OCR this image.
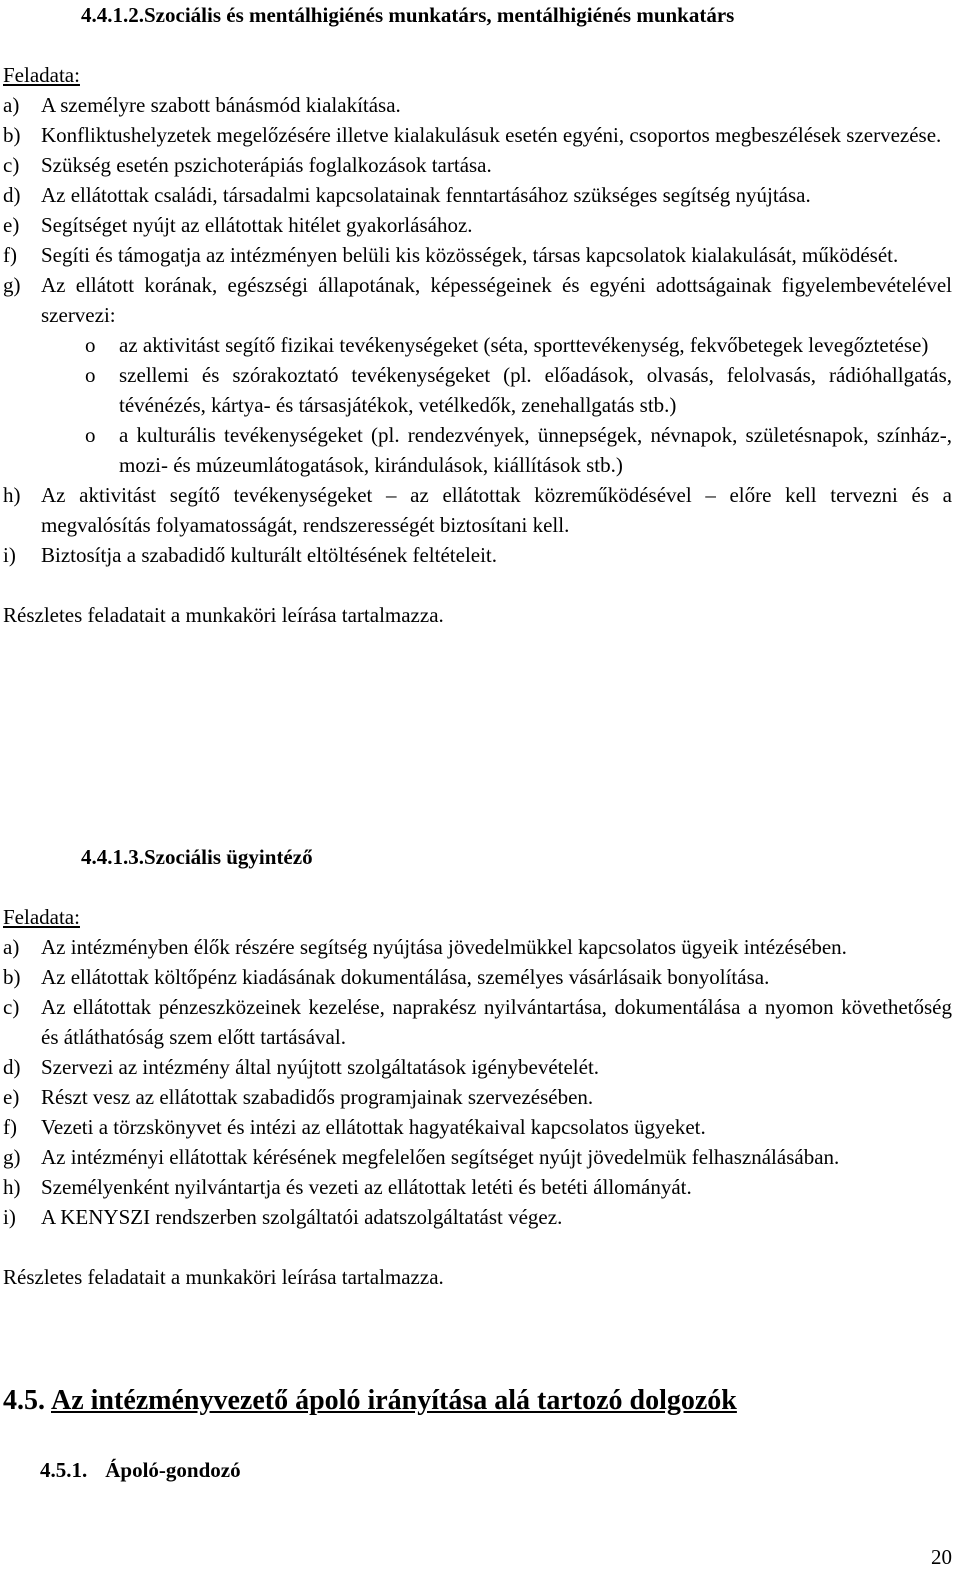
4.4.1.2.Szociális és mentálhigiénés munkatárs, mentálhigiénés munkatárs
Feladata:
a)	A személyre szabott bánásmód kialakítása.
b) Konfliktushelyzetek megelőzésére illetve kialakulásuk esetén egyéni, csoportos megbeszélések szervezése.
c)	Szükség esetén pszichoterápiás foglalkozások tartása.
d) Az ellátottak családi, társadalmi kapcsolatainak fenntartásához szükséges segítség nyújtása.
e)	Segítséget nyújt az ellátottak hitélet gyakorlásához.
f)	Segíti és támogatja az intézményen belüli kis közösségek, társas kapcsolatok kialakulását, működését.
g) Az ellátott korának, egészségi állapotának, képességeinek és egyéni adottságainak figyelembevételével szervezi:
o	az aktivitást segítő fizikai tevékenységeket (séta, sporttevékenység, fekvőbetegek levegőztetése)
o	szellemi és szórakoztató tevékenységeket (pl. előadások, olvasás, felolvasás, rádióhallgatás, tévénézés, kártya- és társasjátékok, vetélkedők, zenehallgatás stb.)
o	a kulturális tevékenységeket (pl. rendezvények, ünnepségek, névnapok, születésnapok, színház-, mozi- és múzeumlátogatások, kirándulások, kiállítások stb.)
h) Az aktivitást segítő tevékenységeket – az ellátottak közreműködésével – előre kell tervezni és a megvalósítás folyamatosságát, rendszerességét biztosítani kell.
i)	Biztosítja a szabadidő kulturált eltöltésének feltételeit.
Részletes feladatait a munkaköri leírása tartalmazza.
4.4.1.3.Szociális ügyintéző
Feladata:
a)	Az intézményben élők részére segítség nyújtása jövedelmükkel kapcsolatos ügyeik intézésében.
b) Az ellátottak költőpénz kiadásának dokumentálása, személyes vásárlásaik bonyolítása.
c)	Az ellátottak pénzeszközeinek kezelése, naprakész nyilvántartása, dokumentálása a nyomon követhetőség és átláthatóság szem előtt tartásával.
d) Szervezi az intézmény által nyújtott szolgáltatások igénybevételét.
e)	Részt vesz az ellátottak szabadidős programjainak szervezésében.
f)	Vezeti a törzskönyvet és intézi az ellátottak hagyatékaival kapcsolatos ügyeket.
g) Az intézményi ellátottak kérésének megfelelően segítséget nyújt jövedelmük felhasználásában.
h) Személyenként nyilvántartja és vezeti az ellátottak letéti és betéti állományát.
i)	A KENYSZI rendszerben szolgáltatói adatszolgáltatást végez.
Részletes feladatait a munkaköri leírása tartalmazza.
4.5. Az intézményvezető ápoló irányítása alá tartozó dolgozók
4.5.1. Ápoló-gondozó
20
